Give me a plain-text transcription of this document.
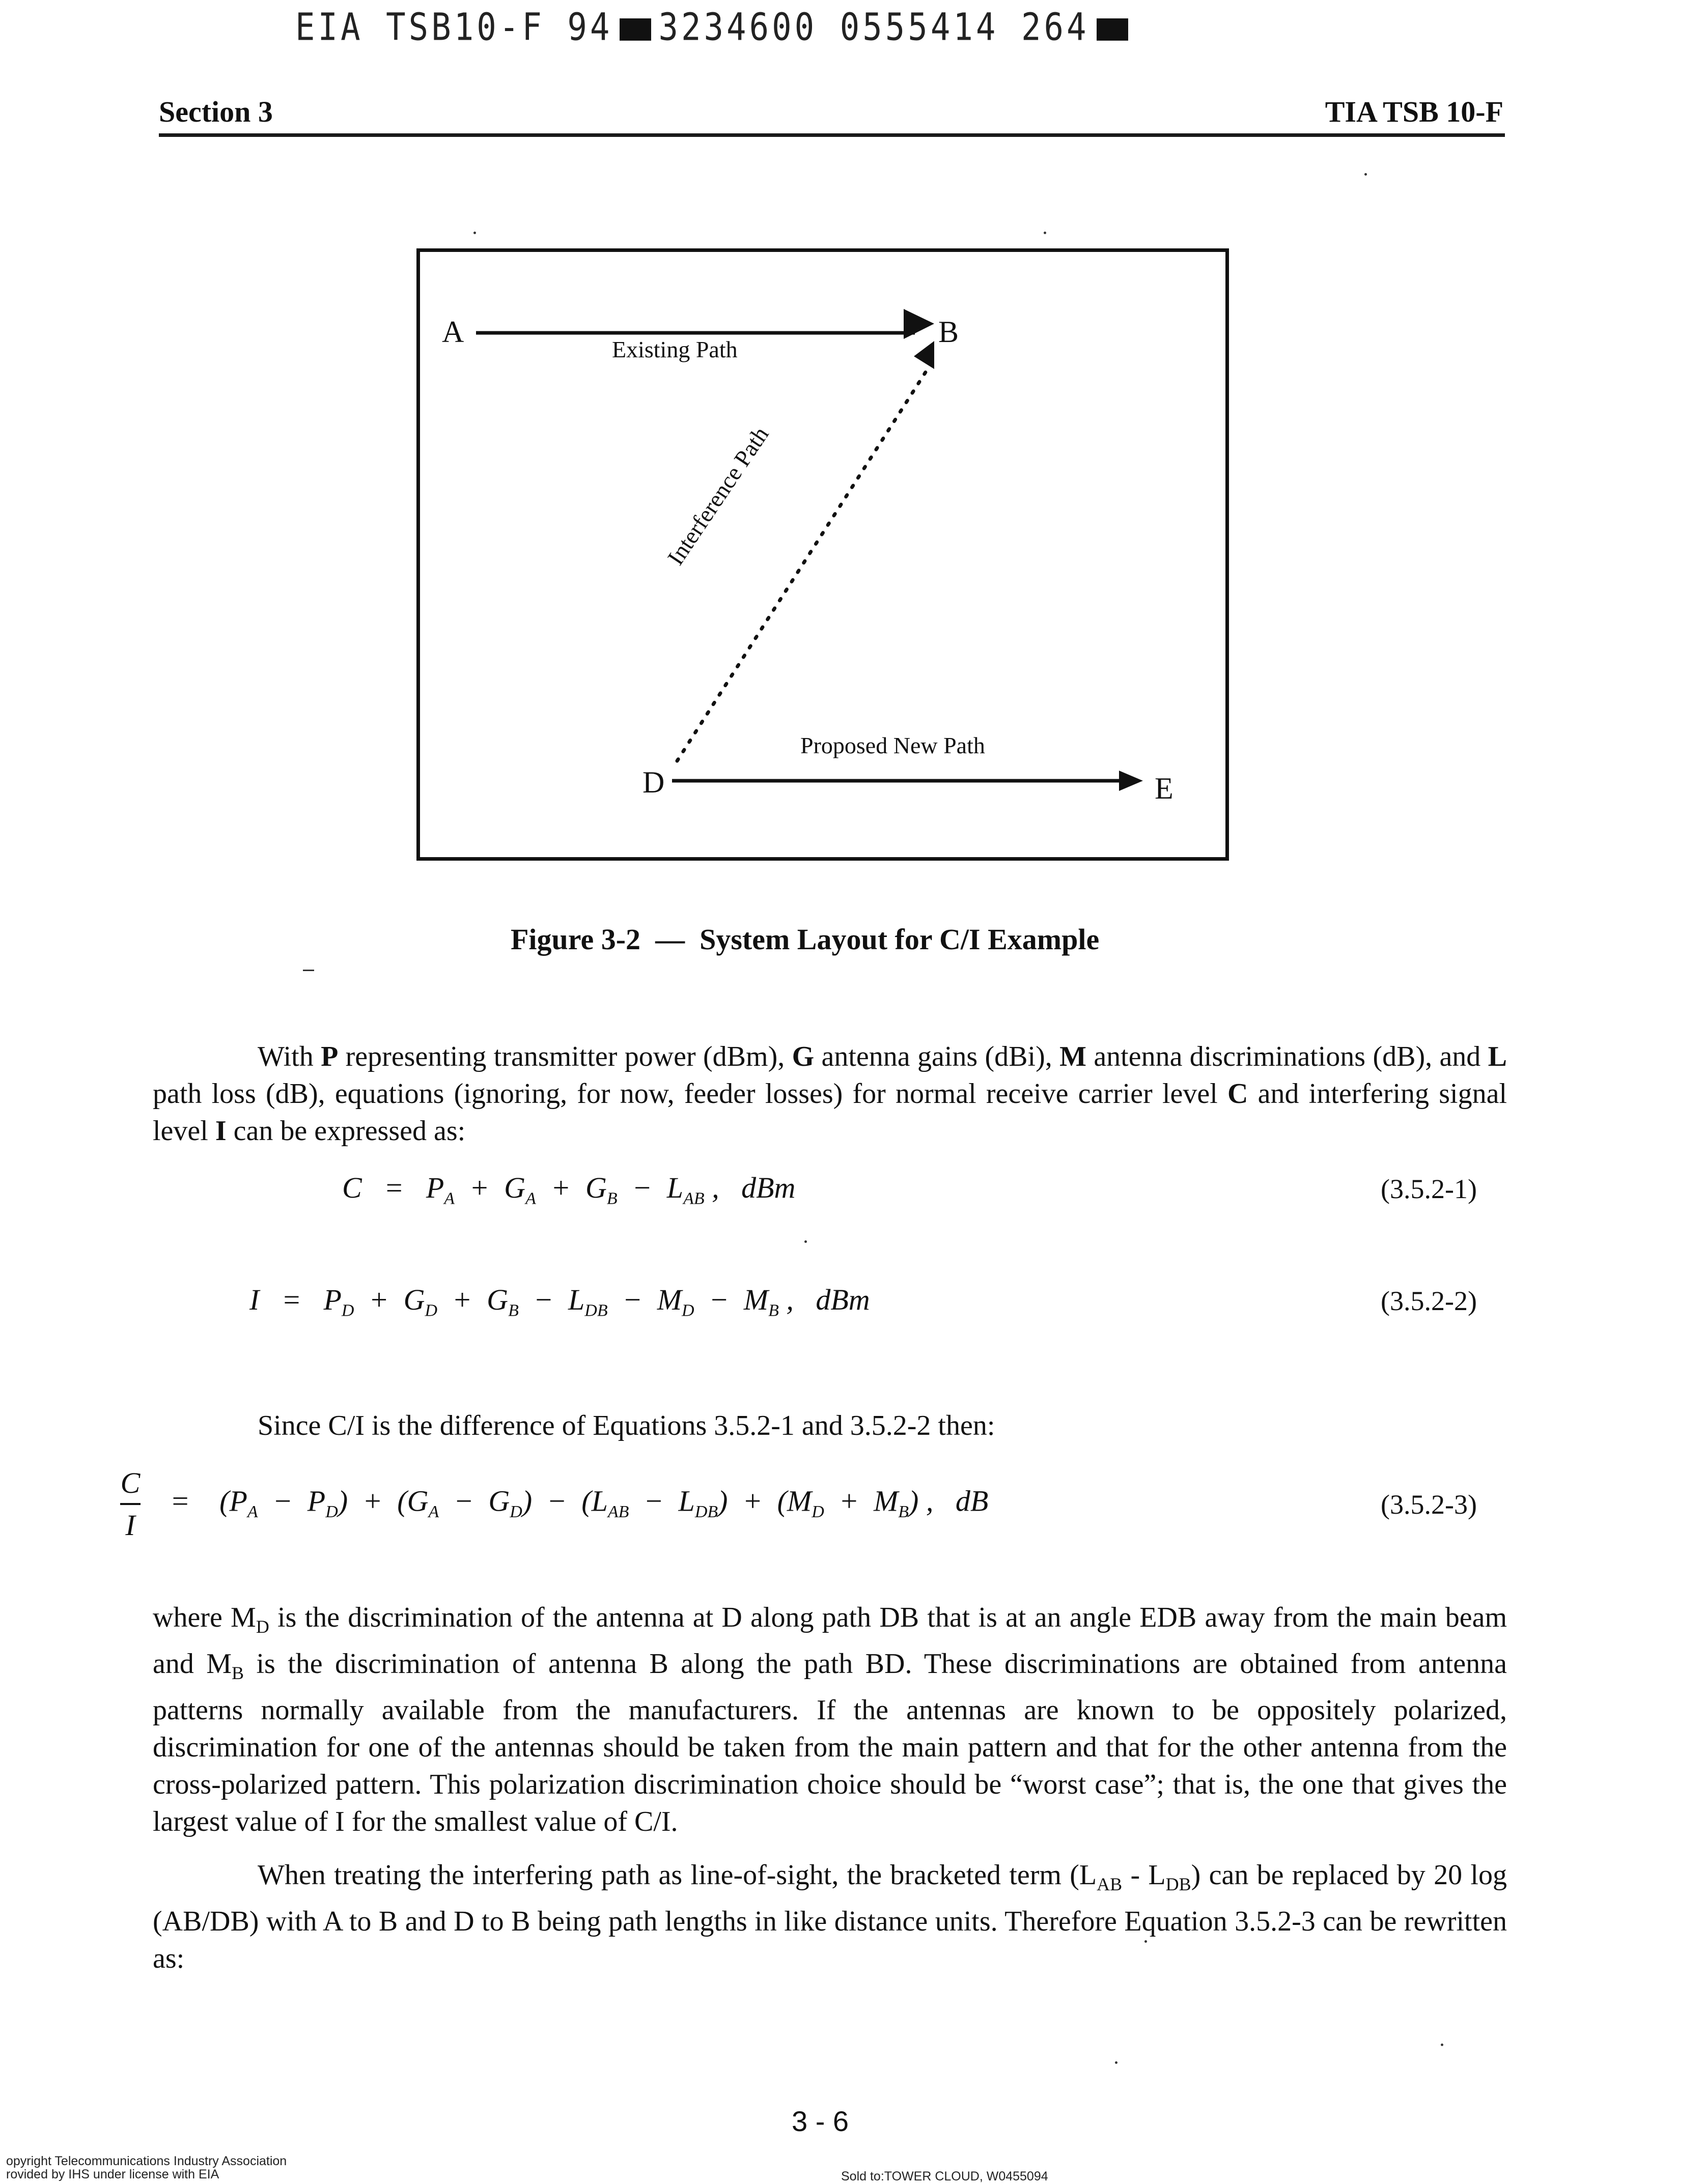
EIA TSB10-F 94 3234600 0555414 264
Section 3	TIA TSB 10-F
A	B
D	E
Existing Path
Interference Path
Proposed New Path
Figure 3-2 — System Layout for C/I Example
With P representing transmitter power (dBm), G antenna gains (dBi), M antenna discriminations (dB), and L path loss (dB), equations (ignoring, for now, feeder losses) for normal receive carrier level C and interfering signal level I can be expressed as:
$C = P_A + G_A + G_B - L_{AB}$ ,   dBm	(3.5.2-1)
$I = P_D + G_D + G_B - L_{DB} - M_D - M_B$ ,   dBm	(3.5.2-2)
Since C/I is the difference of Equations 3.5.2-1 and 3.5.2-2 then:
$\frac{C}{I}$ =    $(P_A - P_D) + (G_A - G_D) - (L_{AB} - L_{DB}) + (M_D + M_B)$ ,   dB	(3.5.2-3)
where $M_D$ is the discrimination of the antenna at D along path DB that is at an angle EDB away from the main beam and $M_B$ is the discrimination of antenna B along the path BD. These discriminations are obtained from antenna patterns normally available from the manufacturers. If the antennas are known to be oppositely polarized, discrimination for one of the antennas should be taken from the main pattern and that for the other antenna from the cross-polarized pattern. This polarization discrimination choice should be “worst case”; that is, the one that gives the largest value of I for the smallest value of C/I.
When treating the interfering path as line-of-sight, the bracketed term $(L_{AB} - L_{DB})$ can be replaced by 20 log (AB/DB) with A to B and D to B being path lengths in like distance units. Therefore Equation 3.5.2-3 can be rewritten as:
3 - 6
opyright Telecommunications Industry Association
rovided by IHS under license with EIA	Sold to:TOWER CLOUD, W0455094
